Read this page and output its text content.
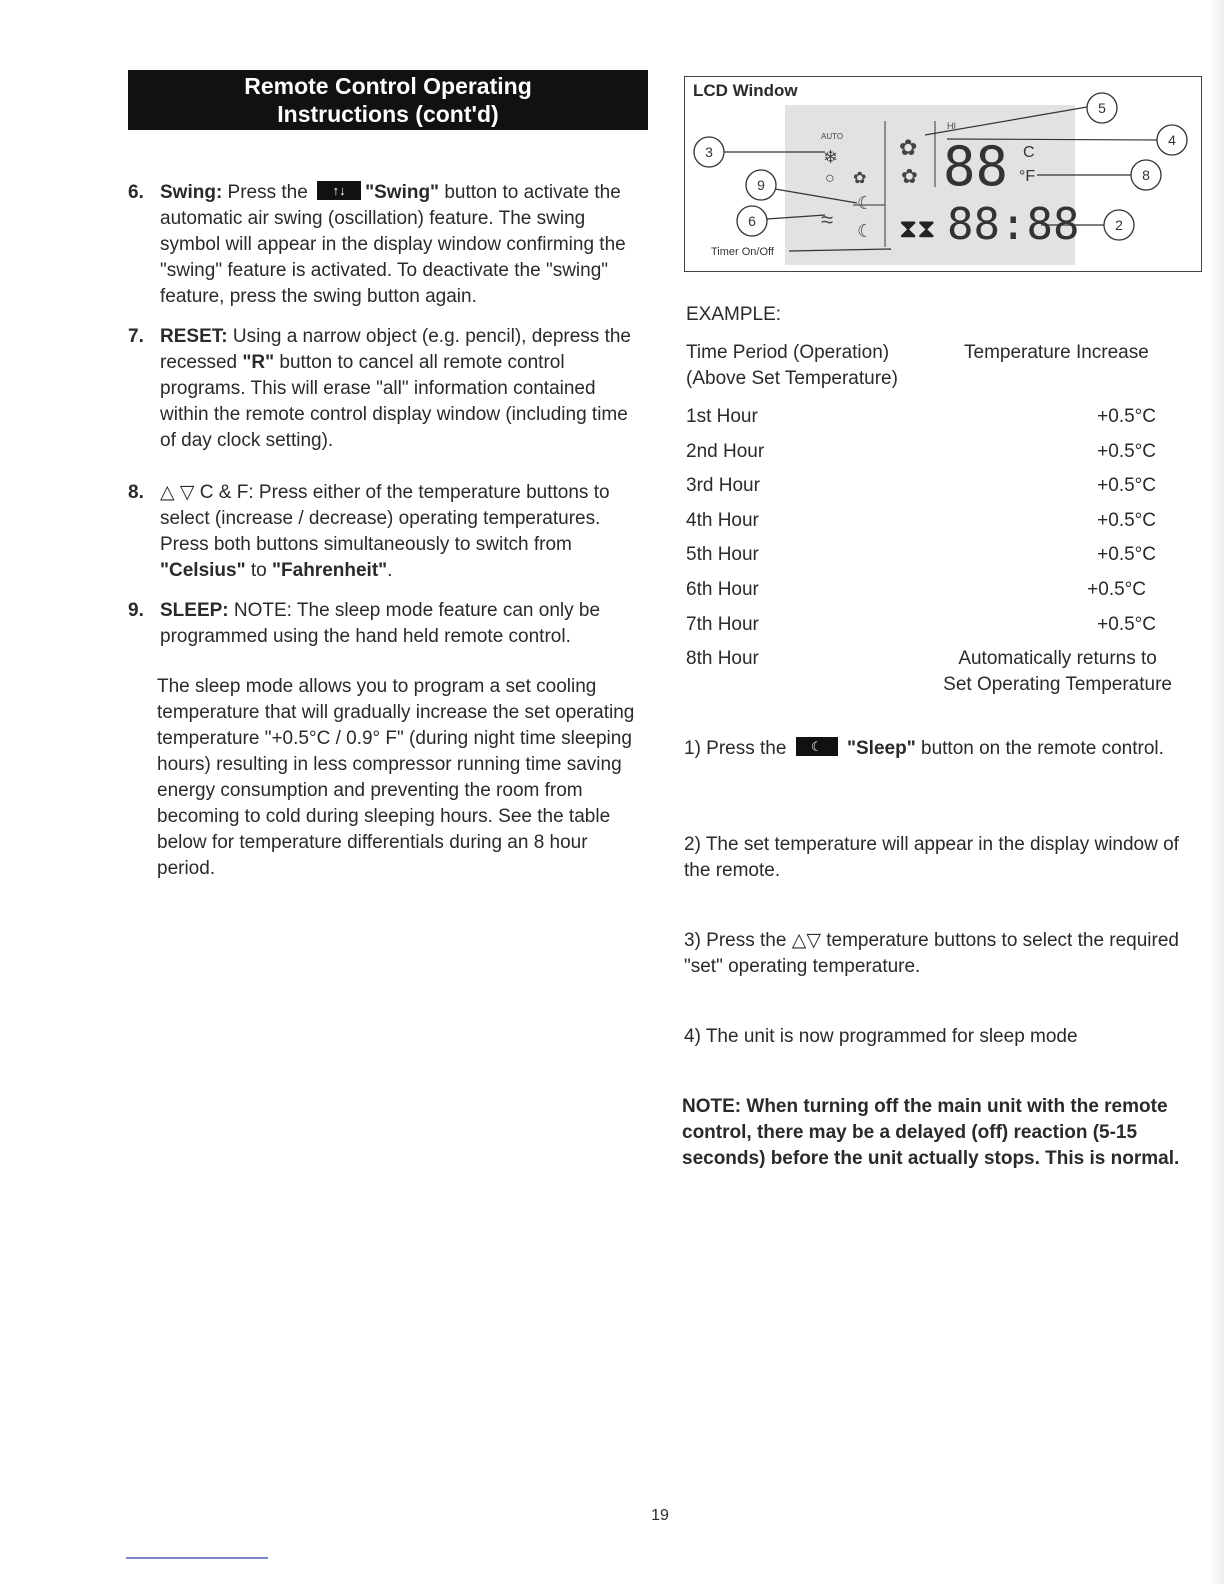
Remote Control Operating
Instructions (cont'd)
6. Swing: Press the	↑↓	"Swing" button to activate the automatic air swing (oscillation) feature. The swing symbol will appear in the display window confirming the "swing" feature is activated. To deactivate the "swing" feature, press the swing button again.
7. RESET: Using a narrow object (e.g. pencil), depress the recessed "R" button to cancel all remote control programs. This will erase "all" information contained within the remote control display window (including time of day clock setting).
8. △ ▽ C & F: Press either of the temperature buttons to select (increase / decrease) operating temperatures. Press both buttons simultaneously to switch from "Celsius" to "Fahrenheit".
9. SLEEP: NOTE: The sleep mode feature can only be programmed using the hand held remote control.
The sleep mode allows you to program a set cooling temperature that will gradually increase the set operating temperature "+0.5°C / 0.9° F" (during night time sleeping hours) resulting in less compressor running time saving energy consumption and preventing the room from becoming to cold during sleeping hours. See the table below for temperature differentials during an 8 hour period.
LCD Window
AUTO
❄
○ ✿
✿
✿
HI
88 C
°F
≈
☾
☾ ⧗⧗ 88:88
Timer On/Off
5
4
3
9
8
6	2
EXAMPLE:
Time Period (Operation)
(Above Set Temperature)
Temperature Increase
1st Hour	+0.5°C
2nd Hour	+0.5°C
3rd Hour	+0.5°C
4th Hour	+0.5°C
5th Hour	+0.5°C
6th Hour	+0.5°C
7th Hour	+0.5°C
8th Hour	Automatically returns to
Set Operating Temperature
1) Press the	☾	"Sleep" button on the remote control.
2) The set temperature will appear in the display window of the remote.
3) Press the △▽ temperature buttons to select the required "set" operating temperature.
4) The unit is now programmed for sleep mode
NOTE: When turning off the main unit with the remote control, there may be a delayed (off) reaction (5-15 seconds) before the unit actually stops. This is normal.
19
